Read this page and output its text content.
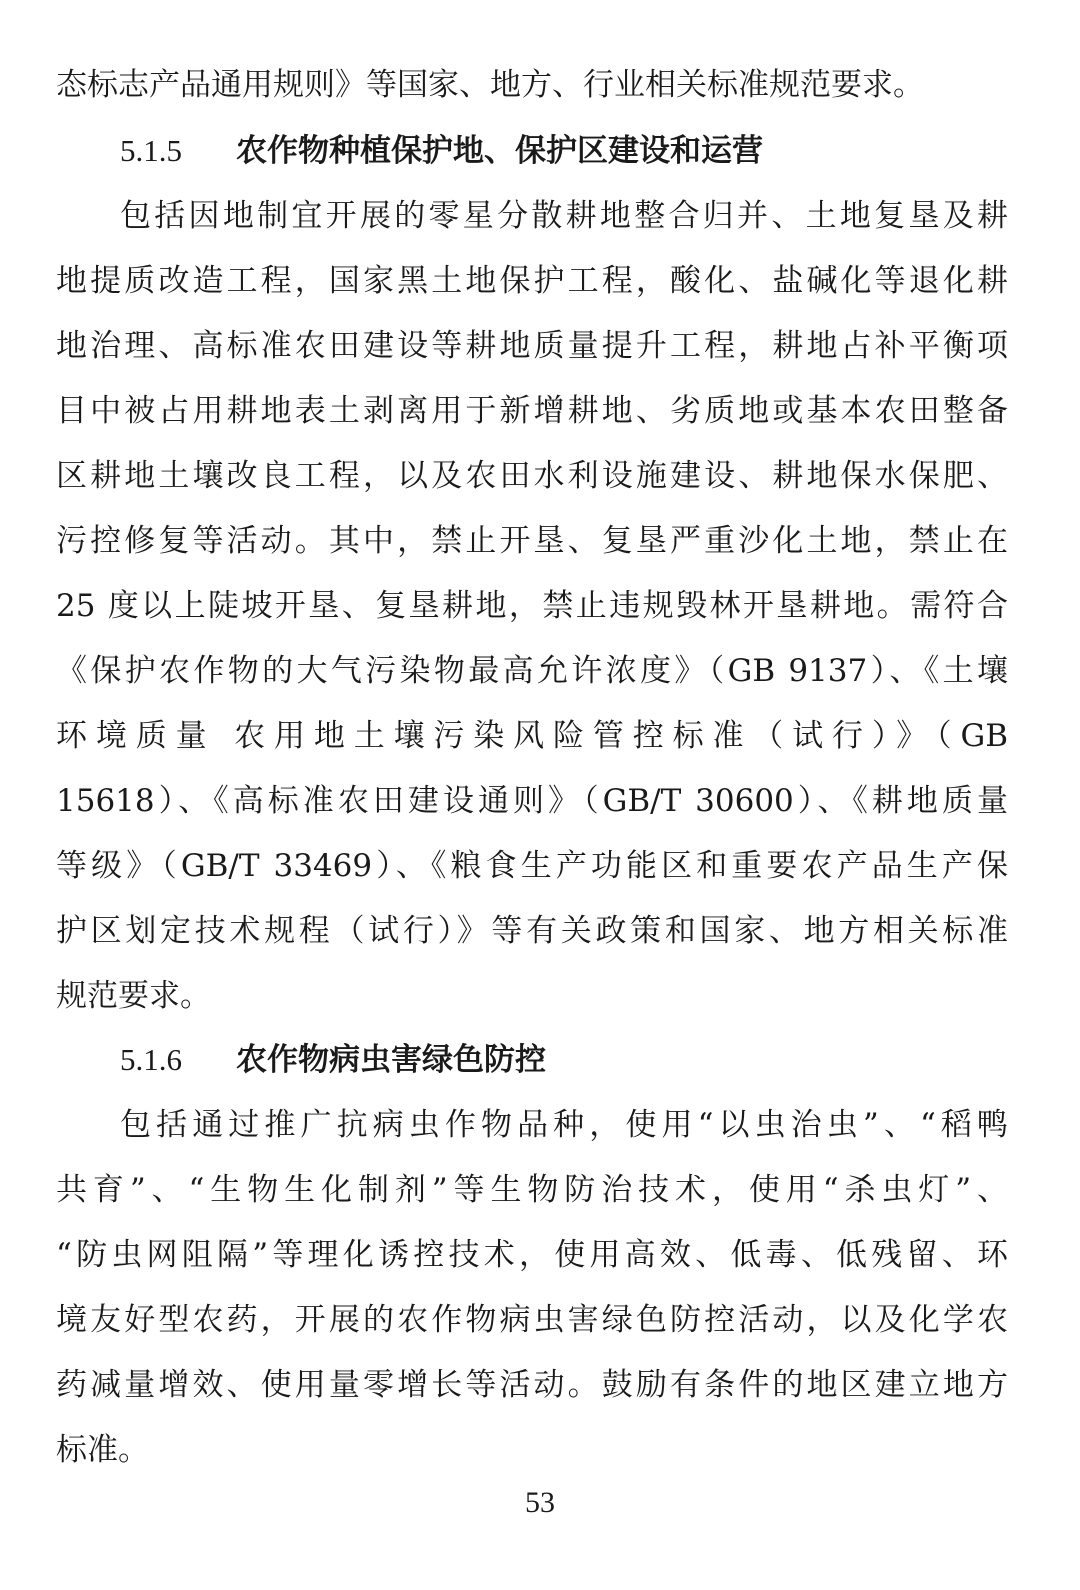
态标志产品通用规则》等国家、地方、行业相关标准规范要求。
5.1.5 农作物种植保护地、保护区建设和运营
包括因地制宜开展的零星分散耕地整合归并、土地复垦及耕
地提质改造工程，国家黑土地保护工程，酸化、盐碱化等退化耕
地治理、高标准农田建设等耕地质量提升工程，耕地占补平衡项
目中被占用耕地表土剥离用于新增耕地、劣质地或基本农田整备
区耕地土壤改良工程，以及农田水利设施建设、耕地保水保肥、
污控修复等活动。其中，禁止开垦、复垦严重沙化土地，禁止在
25 度以上陡坡开垦、复垦耕地，禁止违规毁林开垦耕地。需符合
《保护农作物的大气污染物最高允许浓度》（GB 9137）、《土壤
环境质量 农用地土壤污染风险管控标准（试行）》（GB
15618）、《高标准农田建设通则》（GB/T 30600）、《耕地质量
等级》（GB/T 33469）、《粮食生产功能区和重要农产品生产保
护区划定技术规程（试行）》等有关政策和国家、地方相关标准
规范要求。
5.1.6 农作物病虫害绿色防控
包括通过推广抗病虫作物品种，使用“以虫治虫”、“稻鸭
共育”、“生物生化制剂”等生物防治技术，使用“杀虫灯”、
“防虫网阻隔”等理化诱控技术，使用高效、低毒、低残留、环
境友好型农药，开展的农作物病虫害绿色防控活动，以及化学农
药减量增效、使用量零增长等活动。鼓励有条件的地区建立地方
标准。
53
